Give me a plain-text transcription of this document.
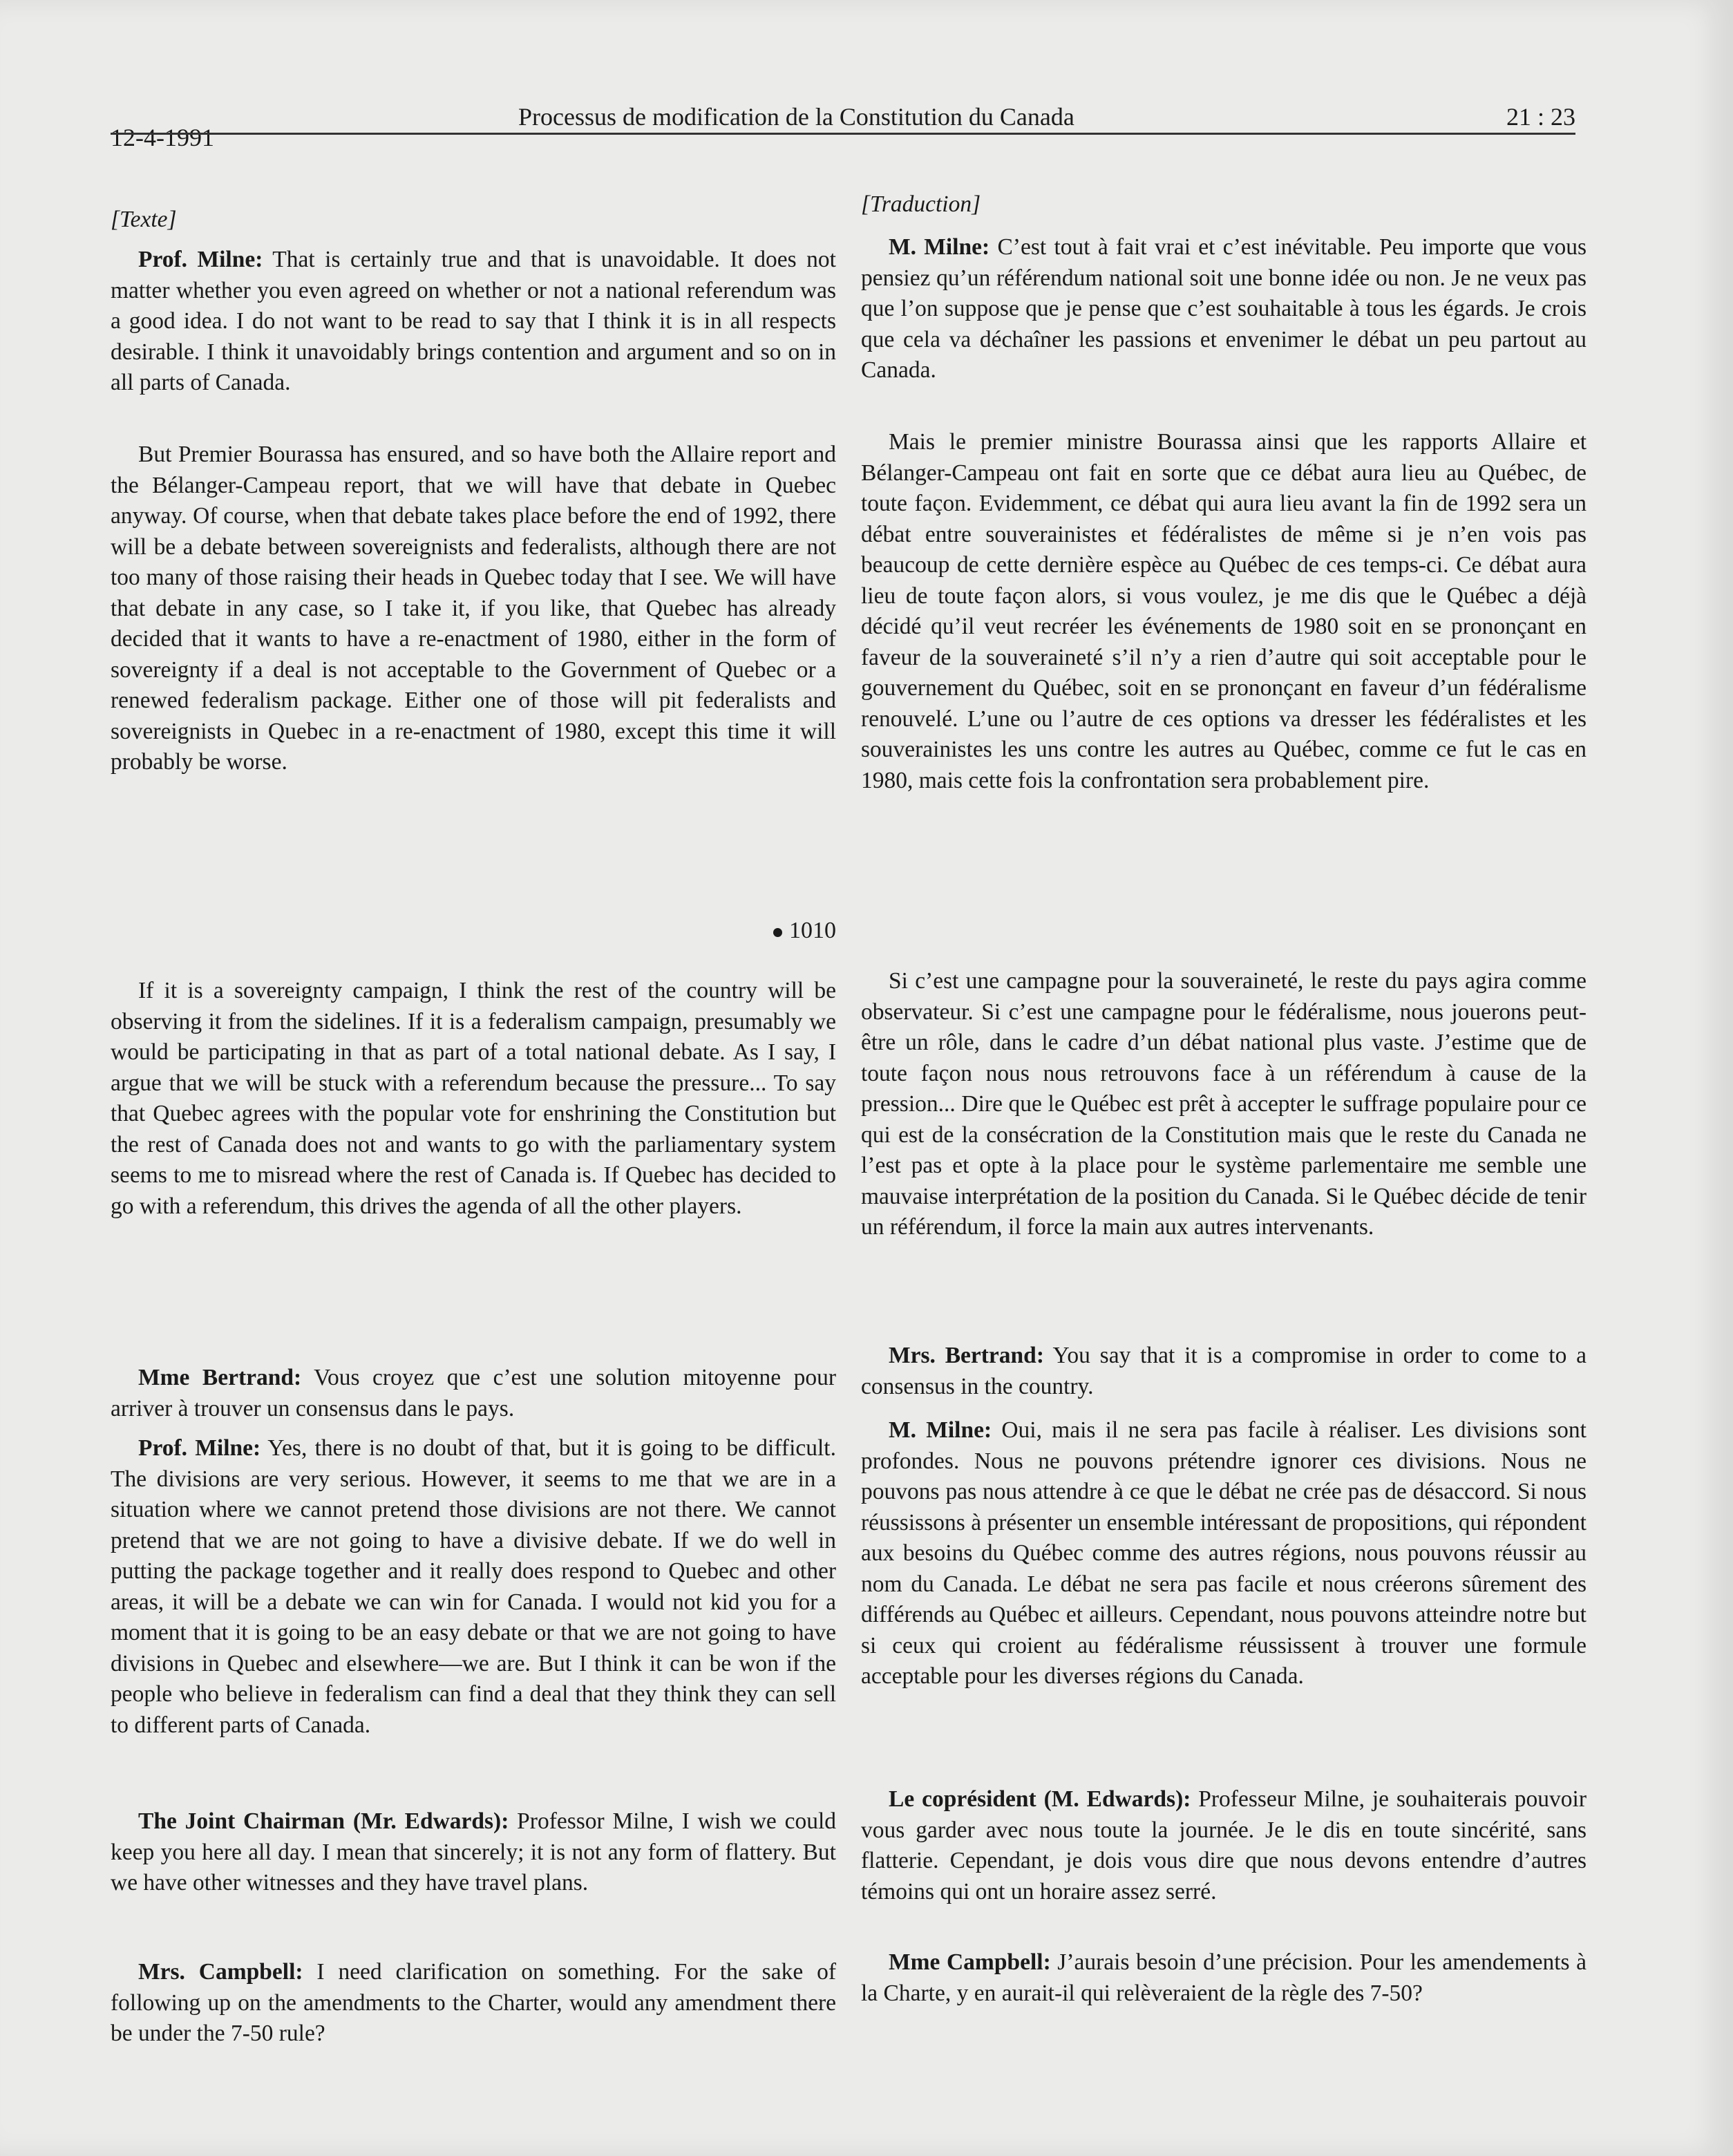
12-4-1991
Processus de modification de la Constitution du Canada	21 : 23

[Texte]

Prof. Milne: That is certainly true and that is unavoidable. It does not matter whether you even agreed on whether or not a national referendum was a good idea. I do not want to be read to say that I think it is in all respects desirable. I think it unavoidably brings contention and argument and so on in all parts of Canada.

But Premier Bourassa has ensured, and so have both the Allaire report and the Bélanger-Campeau report, that we will have that debate in Quebec anyway. Of course, when that debate takes place before the end of 1992, there will be a debate between sovereignists and federalists, although there are not too many of those raising their heads in Quebec today that I see. We will have that debate in any case, so I take it, if you like, that Quebec has already decided that it wants to have a re-enactment of 1980, either in the form of sovereignty if a deal is not acceptable to the Government of Quebec or a renewed federalism package. Either one of those will pit federalists and sovereignists in Quebec in a re-enactment of 1980, except this time it will probably be worse.

1010

If it is a sovereignty campaign, I think the rest of the country will be observing it from the sidelines. If it is a federalism campaign, presumably we would be participating in that as part of a total national debate. As I say, I argue that we will be stuck with a referendum because the pressure... To say that Quebec agrees with the popular vote for enshrining the Constitution but the rest of Canada does not and wants to go with the parliamentary system seems to me to misread where the rest of Canada is. If Quebec has decided to go with a referendum, this drives the agenda of all the other players.

Mme Bertrand: Vous croyez que c’est une solution mitoyenne pour arriver à trouver un consensus dans le pays.

Prof. Milne: Yes, there is no doubt of that, but it is going to be difficult. The divisions are very serious. However, it seems to me that we are in a situation where we cannot pretend those divisions are not there. We cannot pretend that we are not going to have a divisive debate. If we do well in putting the package together and it really does respond to Quebec and other areas, it will be a debate we can win for Canada. I would not kid you for a moment that it is going to be an easy debate or that we are not going to have divisions in Quebec and elsewhere—we are. But I think it can be won if the people who believe in federalism can find a deal that they think they can sell to different parts of Canada.

The Joint Chairman (Mr. Edwards): Professor Milne, I wish we could keep you here all day. I mean that sincerely; it is not any form of flattery. But we have other witnesses and they have travel plans.

Mrs. Campbell: I need clarification on something. For the sake of following up on the amendments to the Charter, would any amendment there be under the 7-50 rule?

[Traduction]

M. Milne: C’est tout à fait vrai et c’est inévitable. Peu importe que vous pensiez qu’un référendum national soit une bonne idée ou non. Je ne veux pas que l’on suppose que je pense que c’est souhaitable à tous les égards. Je crois que cela va déchaîner les passions et envenimer le débat un peu partout au Canada.

Mais le premier ministre Bourassa ainsi que les rapports Allaire et Bélanger-Campeau ont fait en sorte que ce débat aura lieu au Québec, de toute façon. Evidemment, ce débat qui aura lieu avant la fin de 1992 sera un débat entre souverainistes et fédéralistes de même si je n’en vois pas beaucoup de cette dernière espèce au Québec de ces temps-ci. Ce débat aura lieu de toute façon alors, si vous voulez, je me dis que le Québec a déjà décidé qu’il veut recréer les événements de 1980 soit en se prononçant en faveur de la souveraineté s’il n’y a rien d’autre qui soit acceptable pour le gouvernement du Québec, soit en se prononçant en faveur d’un fédéralisme renouvelé. L’une ou l’autre de ces options va dresser les fédéralistes et les souverainistes les uns contre les autres au Québec, comme ce fut le cas en 1980, mais cette fois la confrontation sera probablement pire.

Si c’est une campagne pour la souveraineté, le reste du pays agira comme observateur. Si c’est une campagne pour le fédéralisme, nous jouerons peut-être un rôle, dans le cadre d’un débat national plus vaste. J’estime que de toute façon nous nous retrouvons face à un référendum à cause de la pression... Dire que le Québec est prêt à accepter le suffrage populaire pour ce qui est de la consécration de la Constitution mais que le reste du Canada ne l’est pas et opte à la place pour le système parlementaire me semble une mauvaise interprétation de la position du Canada. Si le Québec décide de tenir un référendum, il force la main aux autres intervenants.

Mrs. Bertrand: You say that it is a compromise in order to come to a consensus in the country.

M. Milne: Oui, mais il ne sera pas facile à réaliser. Les divisions sont profondes. Nous ne pouvons prétendre ignorer ces divisions. Nous ne pouvons pas nous attendre à ce que le débat ne crée pas de désaccord. Si nous réussissons à présenter un ensemble intéressant de propositions, qui répondent aux besoins du Québec comme des autres régions, nous pouvons réussir au nom du Canada. Le débat ne sera pas facile et nous créerons sûrement des différends au Québec et ailleurs. Cependant, nous pouvons atteindre notre but si ceux qui croient au fédéralisme réussissent à trouver une formule acceptable pour les diverses régions du Canada.

Le coprésident (M. Edwards): Professeur Milne, je souhaiterais pouvoir vous garder avec nous toute la journée. Je le dis en toute sincérité, sans flatterie. Cependant, je dois vous dire que nous devons entendre d’autres témoins qui ont un horaire assez serré.

Mme Campbell: J’aurais besoin d’une précision. Pour les amendements à la Charte, y en aurait-il qui relèveraient de la règle des 7-50?
